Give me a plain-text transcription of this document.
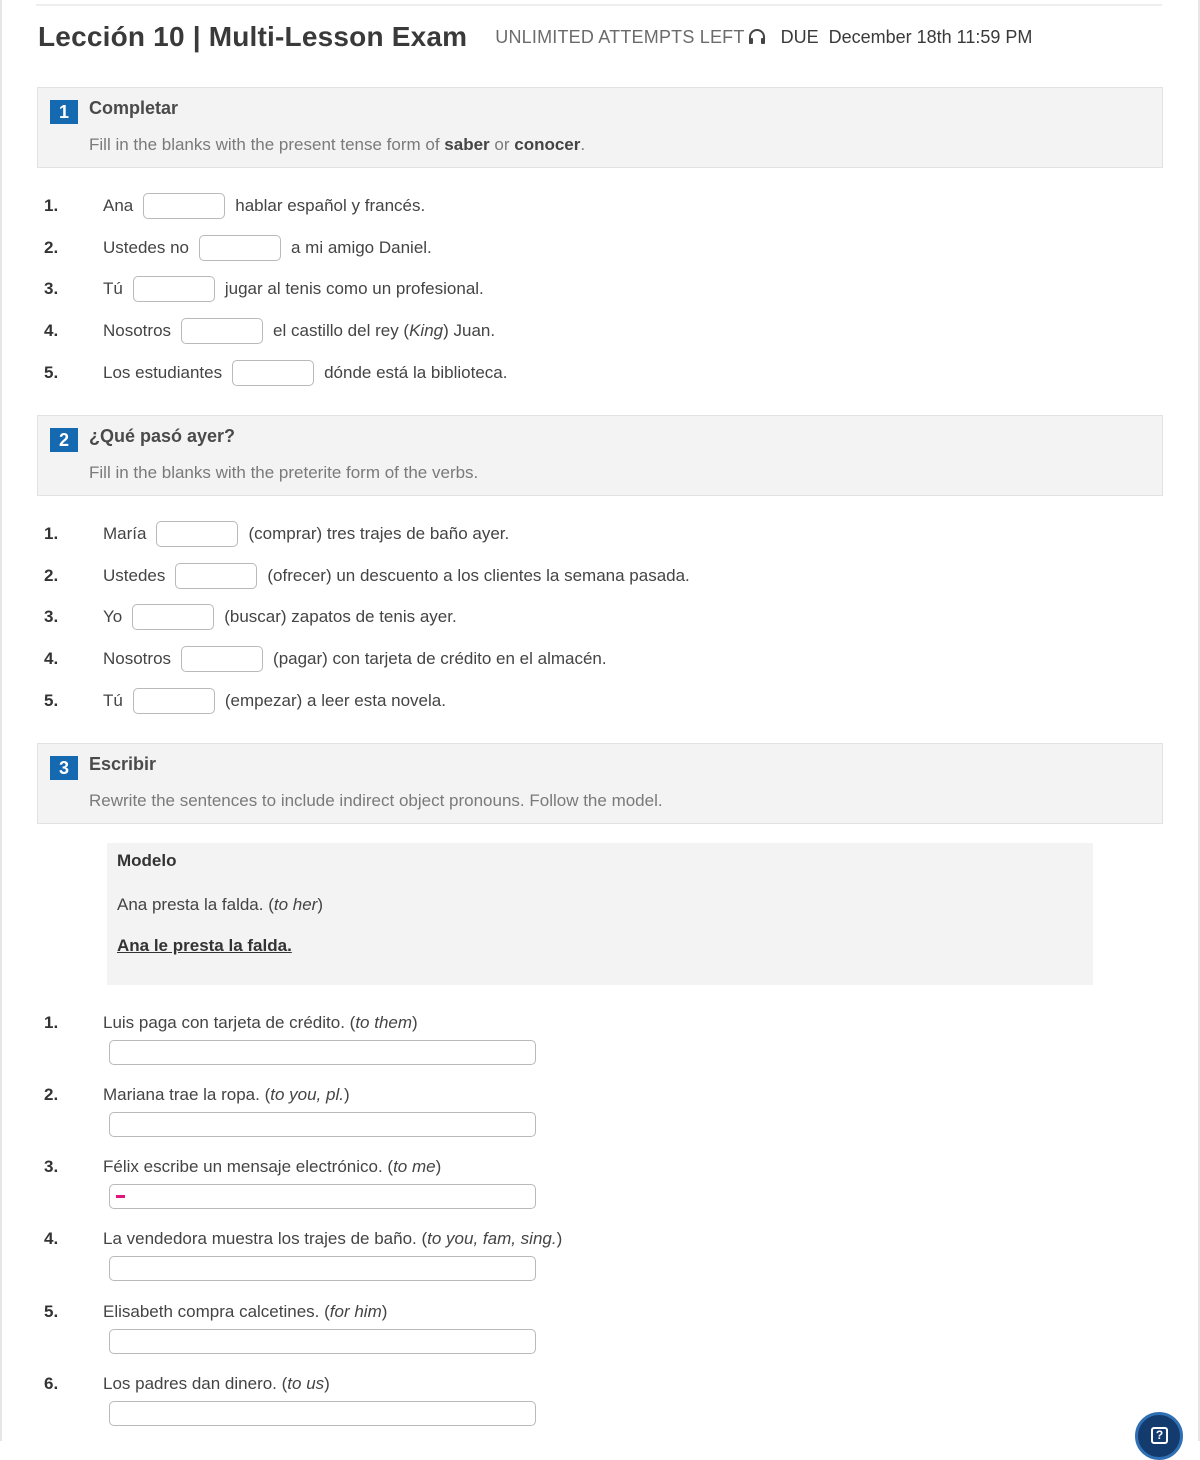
Lección 10 | Multi-Lesson Exam UNLIMITED ATTEMPTS LEFT DUE December 18th 11:59 PM
1	Completar
Fill in the blanks with the present tense form of saber or conocer.
1.	Ana	hablar español y francés.
2.	Ustedes no	a mi amigo Daniel.
3.	Tú	jugar al tenis como un profesional.
4.	Nosotros	el castillo del rey (King) Juan.
5.	Los estudiantes	dónde está la biblioteca.
2	¿Qué pasó ayer?
Fill in the blanks with the preterite form of the verbs.
1.	María	(comprar) tres trajes de baño ayer.
2.	Ustedes	(ofrecer) un descuento a los clientes la semana pasada.
3.	Yo	(buscar) zapatos de tenis ayer.
4.	Nosotros	(pagar) con tarjeta de crédito en el almacén.
5.	Tú	(empezar) a leer esta novela.
3	Escribir
Rewrite the sentences to include indirect object pronouns. Follow the model.
Modelo
Ana presta la falda. (to her)
Ana le presta la falda.
1.	Luis paga con tarjeta de crédito. (to them)
2.	Mariana trae la ropa. (to you, pl.)
3.	Félix escribe un mensaje electrónico. (to me)
4.	La vendedora muestra los trajes de baño. (to you, fam, sing.)
5.	Elisabeth compra calcetines. (for him)
6.	Los padres dan dinero. (to us)
?
